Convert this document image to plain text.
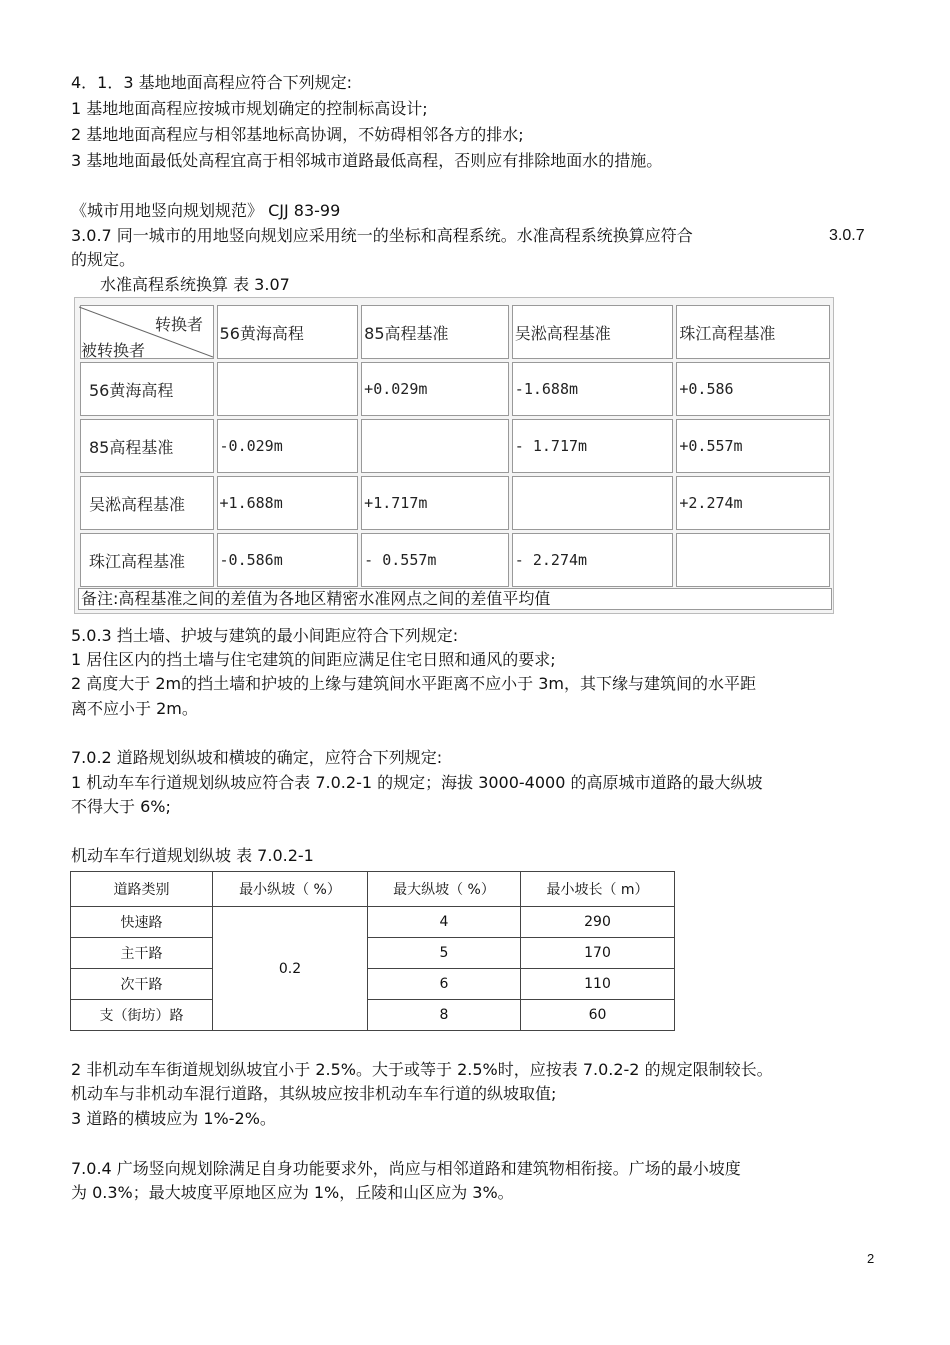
4．1．3 基地地面高程应符合下列规定:
1 基地地面高程应按城市规划确定的控制标高设计;
2 基地地面高程应与相邻基地标高协调，不妨碍相邻各方的排水;
3 基地地面最低处高程宜高于相邻城市道路最低高程，否则应有排除地面水的措施。
《城市用地竖向规划规范》 CJJ 83-99
3.0.7 同一城市的用地竖向规划应采用统一的坐标和高程系统。水准高程系统换算应符合	3.0.7
的规定。
水准高程系统换算 表 3.07
转换者
被转换者	56黄海高程	85高程基准	吴淞高程基准	珠江高程基准
56黄海高程		+0.029m	-1.688m	+0.586
85高程基准	-0.029m		- 1.717m	+0.557m
吴淞高程基准	+1.688m	+1.717m		+2.274m
珠江高程基准	-0.586m	- 0.557m	- 2.274m	
备注:高程基准之间的差值为各地区精密水准网点之间的差值平均值
5.0.3 挡土墙、护坡与建筑的最小间距应符合下列规定:
1 居住区内的挡土墙与住宅建筑的间距应满足住宅日照和通风的要求;
2 高度大于 2m的挡土墙和护坡的上缘与建筑间水平距离不应小于 3m，其下缘与建筑间的水平距
离不应小于 2m。
7.0.2 道路规划纵坡和横坡的确定，应符合下列规定:
1 机动车车行道规划纵坡应符合表 7.0.2-1 的规定；海拔 3000-4000 的高原城市道路的最大纵坡
不得大于 6%;
机动车车行道规划纵坡 表 7.0.2-1
道路类别	最小纵坡（ %）	最大纵坡（ %）	最小坡长（ m）
快速路	0.2	4	290
主干路		5	170
次干路		6	110
支（街坊）路		8	60
2 非机动车车街道规划纵坡宜小于 2.5%。大于或等于 2.5%时，应按表 7.0.2-2 的规定限制较长。
机动车与非机动车混行道路，其纵坡应按非机动车车行道的纵坡取值;
3 道路的横坡应为 1%-2%。
7.0.4 广场竖向规划除满足自身功能要求外，尚应与相邻道路和建筑物相衔接。广场的最小坡度
为 0.3%；最大坡度平原地区应为 1%，丘陵和山区应为 3%。
2
